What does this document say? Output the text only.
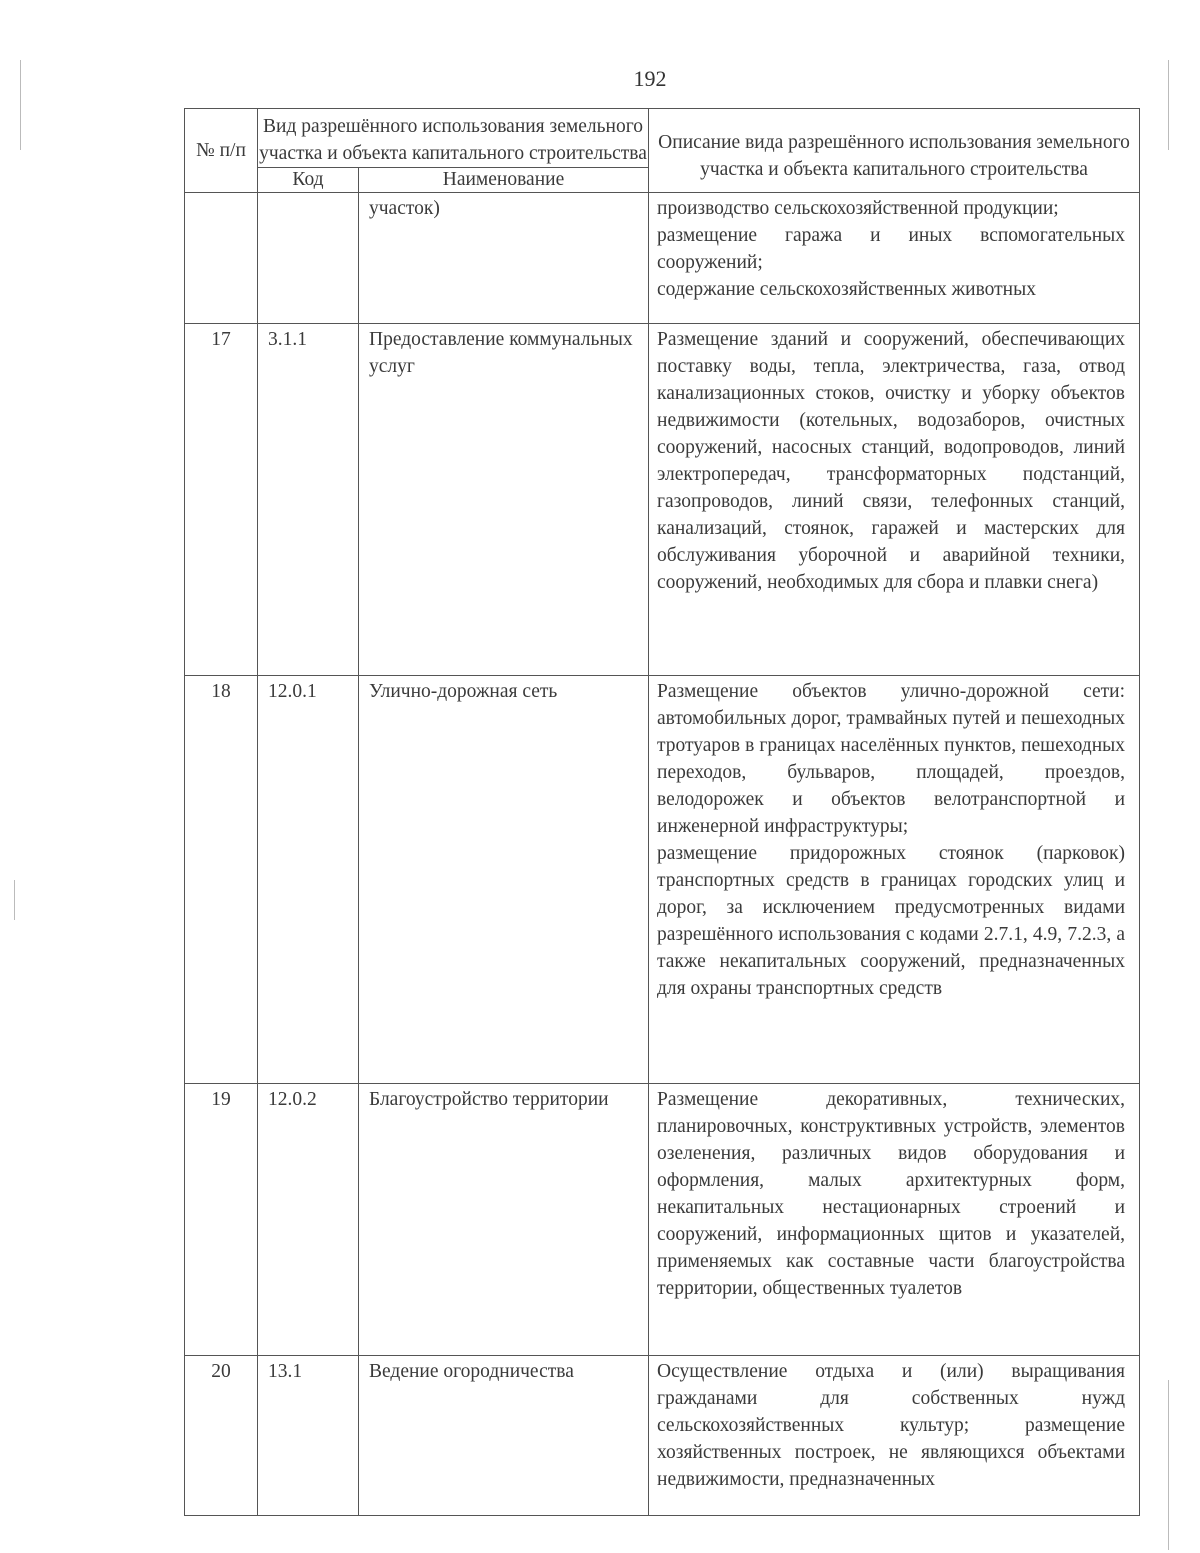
192
№ п/п	Вид разрешённого использования земельного участка и объекта капитального строительства		Описание вида разрешённого использования земельного участка и объекта капитального строительства
	Код	Наименование	
		участок)	производство сельскохозяйственной продукции;

размещение гаража и иных вспомогательных сооружений;

содержание сельскохозяйственных животных

17	3.1.1	Предоставление коммунальных услуг	Размещение зданий и сооружений, обеспечивающих поставку воды, тепла, электричества, газа, отвод канализационных стоков, очистку и уборку объектов недвижимости (котельных, водозаборов, очистных сооружений, насосных станций, водопроводов, линий электропередач, трансформаторных подстанций, газопроводов, линий связи, телефонных станций, канализаций, стоянок, гаражей и мастерских для обслуживания уборочной и аварийной техники, сооружений, необходимых для сбора и плавки снега)

18	12.0.1	Улично-дорожная сеть	Размещение объектов улично-дорожной сети: автомобильных дорог, трамвайных путей и пешеходных тротуаров в границах населённых пунктов, пешеходных переходов, бульваров, площадей, проездов, велодорожек и объектов велотранспортной и инженерной инфраструктуры;

размещение придорожных стоянок (парковок) транспортных средств в границах городских улиц и дорог, за исключением предусмотренных видами разрешённого использования с кодами 2.7.1, 4.9, 7.2.3, а также некапитальных сооружений, предназначенных для охраны транспортных средств

19	12.0.2	Благоустройство территории	Размещение декоративных, технических, планировочных, конструктивных устройств, элементов озеленения, различных видов оборудования и оформления, малых архитектурных форм, некапитальных нестационарных строений и сооружений, информационных щитов и указателей, применяемых как составные части благоустройства территории, общественных туалетов

20	13.1	Ведение огородничества	Осуществление отдыха и (или) выращивания гражданами для собственных нужд сельскохозяйственных культур; размещение хозяйственных построек, не являющихся объектами недвижимости, предназначенных
